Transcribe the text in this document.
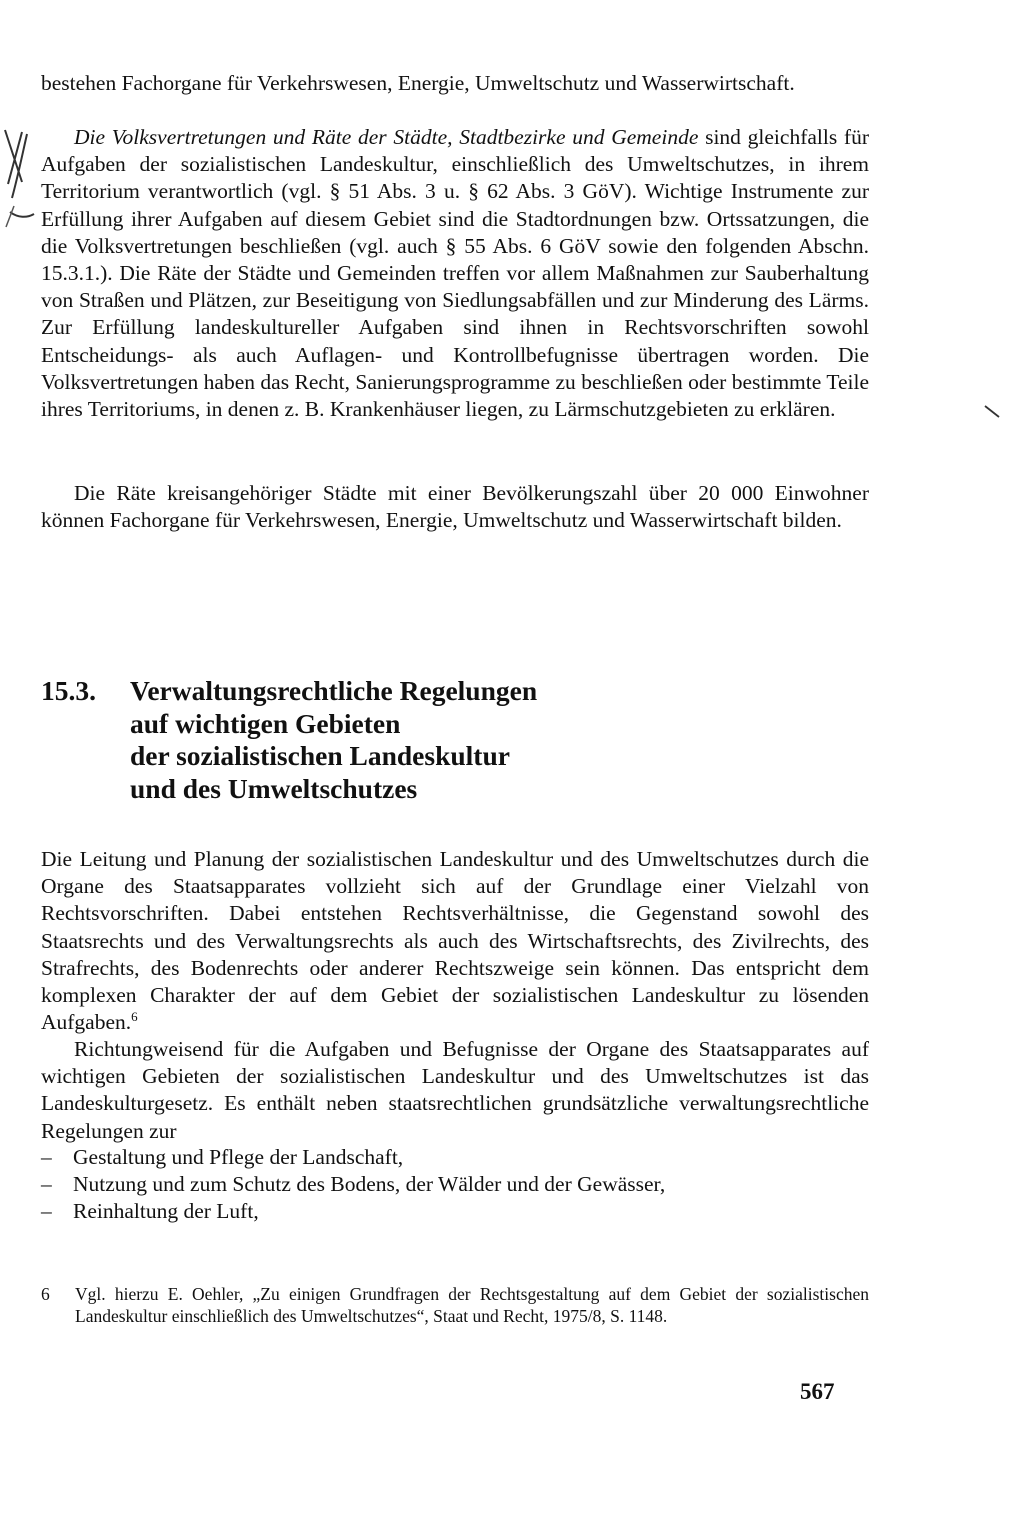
bestehen Fachorgane für Verkehrswesen, Energie, Umweltschutz und Wasserwirtschaft.

Die Volksvertretungen und Räte der Städte, Stadtbezirke und Gemeinde sind gleichfalls für Aufgaben der sozialistischen Landeskultur, einschließlich des Umweltschutzes, in ihrem Territorium verantwortlich (vgl. § 51 Abs. 3 u. § 62 Abs. 3 GöV). Wichtige Instrumente zur Erfüllung ihrer Aufgaben auf diesem Gebiet sind die Stadtordnungen bzw. Ortssatzungen, die die Volksvertretungen beschließen (vgl. auch § 55 Abs. 6 GöV sowie den folgenden Abschn. 15.3.1.). Die Räte der Städte und Gemeinden treffen vor allem Maßnahmen zur Sauberhaltung von Straßen und Plätzen, zur Beseitigung von Siedlungsabfällen und zur Minderung des Lärms. Zur Erfüllung landeskultureller Aufgaben sind ihnen in Rechtsvorschriften sowohl Entscheidungs- als auch Auflagen- und Kontrollbefugnisse übertragen worden. Die Volksvertretungen haben das Recht, Sanierungsprogramme zu beschließen oder bestimmte Teile ihres Territoriums, in denen z. B. Krankenhäuser liegen, zu Lärmschutzgebieten zu erklären.

Die Räte kreisangehöriger Städte mit einer Bevölkerungszahl über 20 000 Einwohner können Fachorgane für Verkehrswesen, Energie, Umweltschutz und Wasserwirtschaft bilden.

15.3. Verwaltungsrechtliche Regelungen
auf wichtigen Gebieten
der sozialistischen Landeskultur
und des Umweltschutzes

Die Leitung und Planung der sozialistischen Landeskultur und des Umweltschutzes durch die Organe des Staatsapparates vollzieht sich auf der Grundlage einer Vielzahl von Rechtsvorschriften. Dabei entstehen Rechtsverhältnisse, die Gegenstand sowohl des Staatsrechts und des Verwaltungsrechts als auch des Wirtschaftsrechts, des Zivilrechts, des Strafrechts, des Bodenrechts oder anderer Rechtszweige sein können. Das entspricht dem komplexen Charakter der auf dem Gebiet der sozialistischen Landeskultur zu lösenden Aufgaben.$^6$

Richtungweisend für die Aufgaben und Befugnisse der Organe des Staatsapparates auf wichtigen Gebieten der sozialistischen Landeskultur und des Umweltschutzes ist das Landeskulturgesetz. Es enthält neben staatsrechtlichen grundsätzliche verwaltungsrechtliche Regelungen zur

– Gestaltung und Pflege der Landschaft,
– Nutzung und zum Schutz des Bodens, der Wälder und der Gewässer,
– Reinhaltung der Luft,

6 Vgl. hierzu E. Oehler, „Zu einigen Grundfragen der Rechtsgestaltung auf dem Gebiet der sozialistischen Landeskultur einschließlich des Umweltschutzes“, Staat und Recht, 1975/8, S. 1148.

567
